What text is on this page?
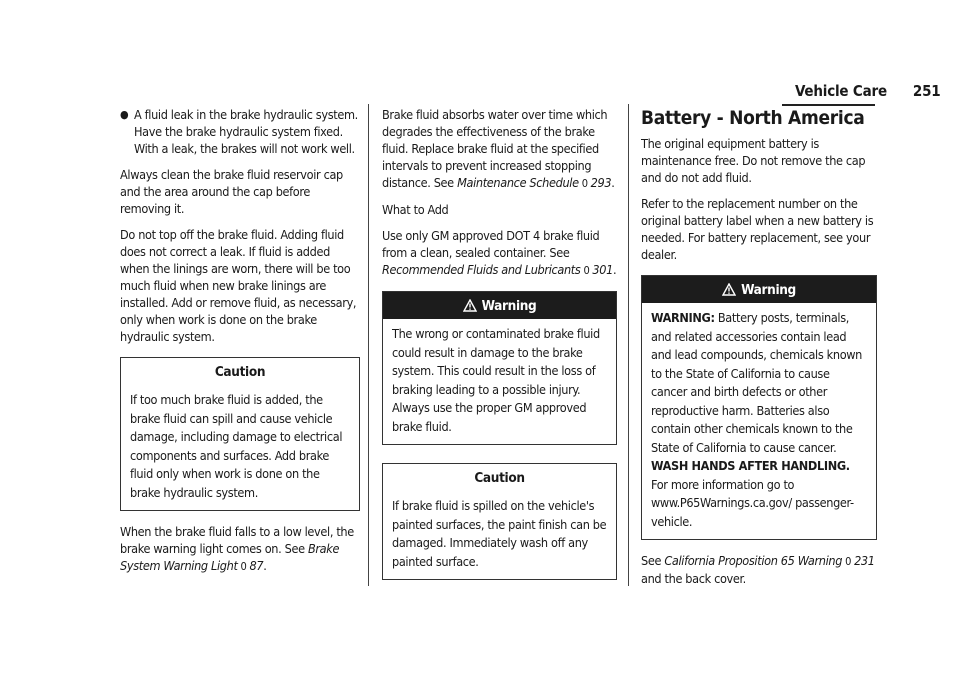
Vehicle Care 251

● A fluid leak in the brake hydraulic system. Have the brake hydraulic system fixed. With a leak, the brakes will not work well.

Always clean the brake fluid reservoir cap and the area around the cap before removing it.

Do not top off the brake fluid. Adding fluid does not correct a leak. If fluid is added when the linings are worn, there will be too much fluid when new brake linings are installed. Add or remove fluid, as necessary, only when work is done on the brake hydraulic system.

Caution
If too much brake fluid is added, the brake fluid can spill and cause vehicle damage, including damage to electrical components and surfaces. Add brake fluid only when work is done on the brake hydraulic system.

When the brake fluid falls to a low level, the brake warning light comes on. See Brake System Warning Light 0 87.

Brake fluid absorbs water over time which degrades the effectiveness of the brake fluid. Replace brake fluid at the specified intervals to prevent increased stopping distance. See Maintenance Schedule 0 293.

What to Add

Use only GM approved DOT 4 brake fluid from a clean, sealed container. See Recommended Fluids and Lubricants 0 301.

Warning
The wrong or contaminated brake fluid could result in damage to the brake system. This could result in the loss of braking leading to a possible injury. Always use the proper GM approved brake fluid.
Caution
If brake fluid is spilled on the vehicle's painted surfaces, the paint finish can be damaged. Immediately wash off any painted surface.
Battery - North America

The original equipment battery is maintenance free. Do not remove the cap and do not add fluid.

Refer to the replacement number on the original battery label when a new battery is needed. For battery replacement, see your dealer.

Warning
WARNING: Battery posts, terminals, and related accessories contain lead and lead compounds, chemicals known to the State of California to cause cancer and birth defects or other reproductive harm. Batteries also contain other chemicals known to the State of California to cause cancer. WASH HANDS AFTER HANDLING. For more information go to www.P65Warnings.ca.gov/ passenger-vehicle.

See California Proposition 65 Warning 0 231 and the back cover.
